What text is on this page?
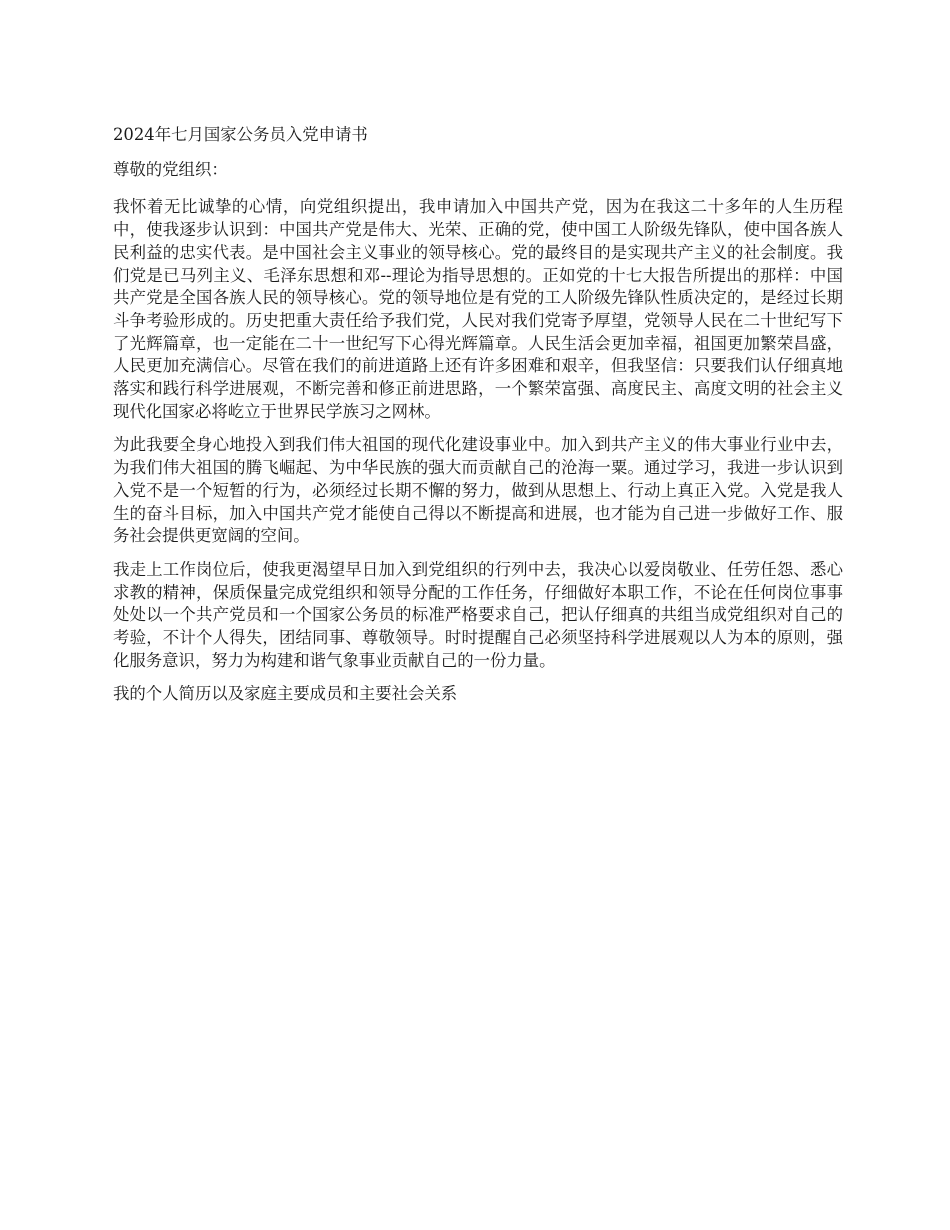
2024年七月国家公务员入党申请书

尊敬的党组织：

我怀着无比诚挚的心情，向党组织提出，我申请加入中国共产党，因为在我这二十多年的人生历程中，使我逐步认识到：中国共产党是伟大、光荣、正确的党，使中国工人阶级先锋队，使中国各族人民利益的忠实代表。是中国社会主义事业的领导核心。党的最终目的是实现共产主义的社会制度。我们党是已马列主义、毛泽东思想和邓--理论为指导思想的。正如党的十七大报告所提出的那样：中国共产党是全国各族人民的领导核心。党的领导地位是有党的工人阶级先锋队性质决定的，是经过长期斗争考验形成的。历史把重大责任给予我们党，人民对我们党寄予厚望，党领导人民在二十世纪写下了光辉篇章，也一定能在二十一世纪写下心得光辉篇章。人民生活会更加幸福，祖国更加繁荣昌盛，人民更加充满信心。尽管在我们的前进道路上还有许多困难和艰辛，但我坚信：只要我们认仔细真地落实和践行科学进展观，不断完善和修正前进思路，一个繁荣富强、高度民主、高度文明的社会主义现代化国家必将屹立于世界民学族习之网林。

为此我要全身心地投入到我们伟大祖国的现代化建设事业中。加入到共产主义的伟大事业行业中去，为我们伟大祖国的腾飞崛起、为中华民族的强大而贡献自己的沧海一粟。通过学习，我进一步认识到入党不是一个短暂的行为，必须经过长期不懈的努力，做到从思想上、行动上真正入党。入党是我人生的奋斗目标，加入中国共产党才能使自己得以不断提高和进展，也才能为自己进一步做好工作、服务社会提供更宽阔的空间。

我走上工作岗位后，使我更渴望早日加入到党组织的行列中去，我决心以爱岗敬业、任劳任怨、悉心求教的精神，保质保量完成党组织和领导分配的工作任务，仔细做好本职工作，不论在任何岗位事事处处以一个共产党员和一个国家公务员的标准严格要求自己，把认仔细真的共组当成党组织对自己的考验，不计个人得失，团结同事、尊敬领导。时时提醒自己必须坚持科学进展观以人为本的原则，强化服务意识，努力为构建和谐气象事业贡献自己的一份力量。

我的个人简历以及家庭主要成员和主要社会关系
